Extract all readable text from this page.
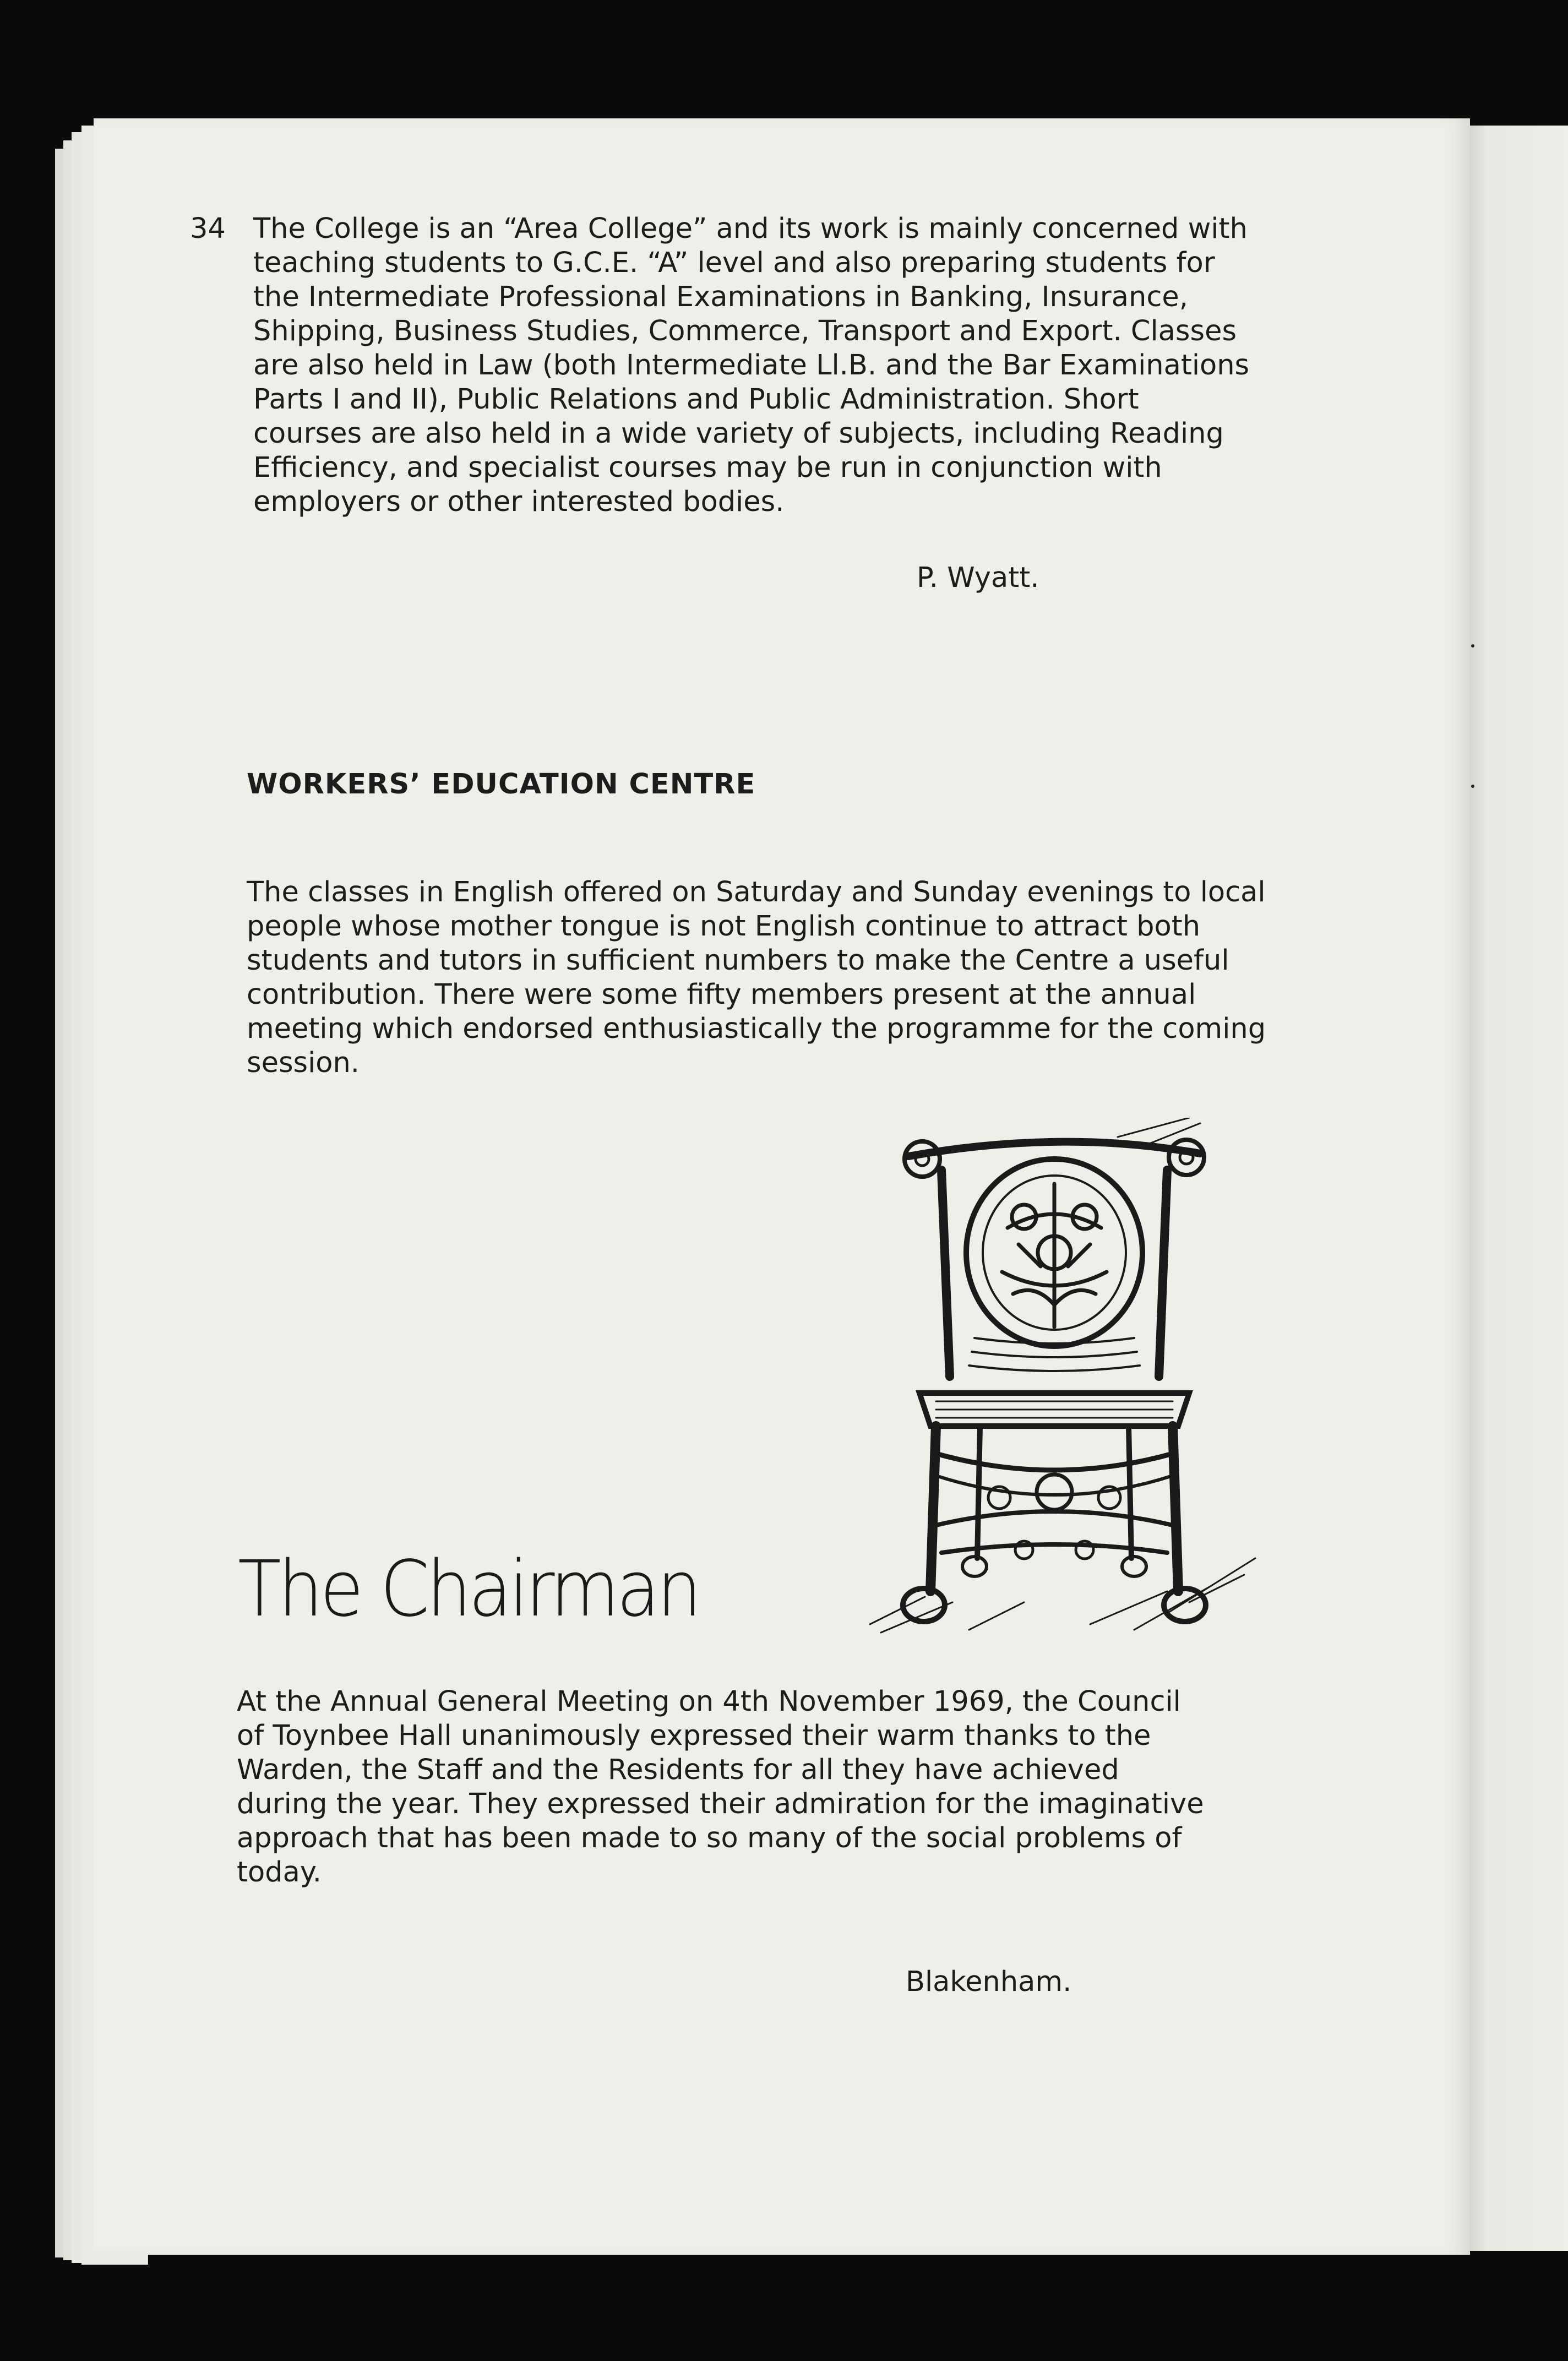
34 The College is an “Area College” and its work is mainly concerned with
teaching students to G.C.E. “A” level and also preparing students for
the Intermediate Professional Examinations in Banking, Insurance,
Shipping, Business Studies, Commerce, Transport and Export. Classes
are also held in Law (both Intermediate Ll.B. and the Bar Examinations
Parts I and II), Public Relations and Public Administration. Short
courses are also held in a wide variety of subjects, including Reading
Efficiency, and specialist courses may be run in conjunction with
employers or other interested bodies.
P. Wyatt.
WORKERS’ EDUCATION CENTRE
The classes in English offered on Saturday and Sunday evenings to local
people whose mother tongue is not English continue to attract both
students and tutors in sufficient numbers to make the Centre a useful
contribution. There were some fifty members present at the annual
meeting which endorsed enthusiastically the programme for the coming
session.
The Chairman
At the Annual General Meeting on 4th November 1969, the Council
of Toynbee Hall unanimously expressed their warm thanks to the
Warden, the Staff and the Residents for all they have achieved
during the year. They expressed their admiration for the imaginative
approach that has been made to so many of the social problems of
today.
Blakenham.
